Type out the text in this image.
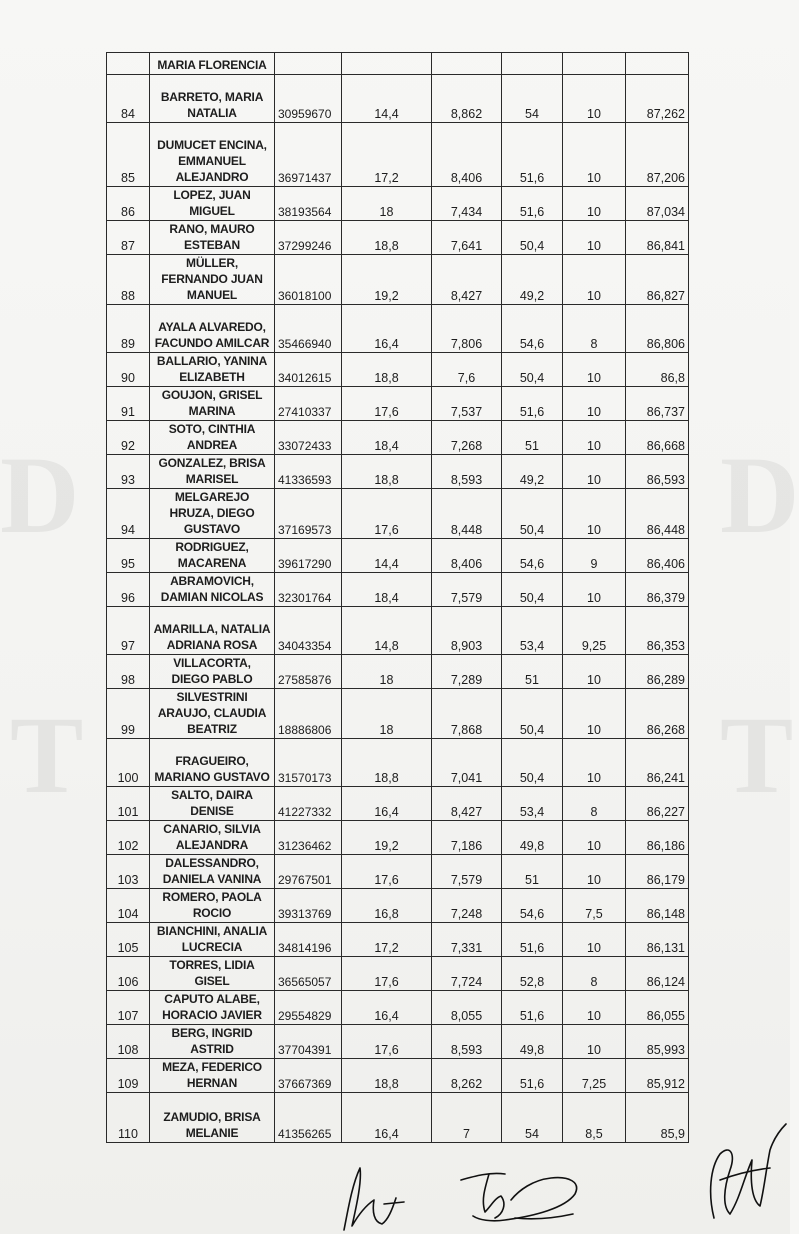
D	D
T	T
	MARIA FLORENCIA						
84	BARRETO, MARIA NATALIA	30959670	14,4	8,862	54	10	87,262
85	DUMUCET ENCINA, EMMANUEL ALEJANDRO	36971437	17,2	8,406	51,6	10	87,206
86	LOPEZ, JUAN MIGUEL	38193564	18	7,434	51,6	10	87,034
87	RANO, MAURO ESTEBAN	37299246	18,8	7,641	50,4	10	86,841
88	MÜLLER, FERNANDO JUAN MANUEL	36018100	19,2	8,427	49,2	10	86,827
89	AYALA ALVAREDO, FACUNDO AMILCAR	35466940	16,4	7,806	54,6	8	86,806
90	BALLARIO, YANINA ELIZABETH	34012615	18,8	7,6	50,4	10	86,8
91	GOUJON, GRISEL MARINA	27410337	17,6	7,537	51,6	10	86,737
92	SOTO, CINTHIA ANDREA	33072433	18,4	7,268	51	10	86,668
93	GONZALEZ, BRISA MARISEL	41336593	18,8	8,593	49,2	10	86,593
94	MELGAREJO HRUZA, DIEGO GUSTAVO	37169573	17,6	8,448	50,4	10	86,448
95	RODRIGUEZ, MACARENA	39617290	14,4	8,406	54,6	9	86,406
96	ABRAMOVICH, DAMIAN NICOLAS	32301764	18,4	7,579	50,4	10	86,379
97	AMARILLA, NATALIA ADRIANA ROSA	34043354	14,8	8,903	53,4	9,25	86,353
98	VILLACORTA, DIEGO PABLO	27585876	18	7,289	51	10	86,289
99	SILVESTRINI ARAUJO, CLAUDIA BEATRIZ	18886806	18	7,868	50,4	10	86,268
100	FRAGUEIRO, MARIANO GUSTAVO	31570173	18,8	7,041	50,4	10	86,241
101	SALTO, DAIRA DENISE	41227332	16,4	8,427	53,4	8	86,227
102	CANARIO, SILVIA ALEJANDRA	31236462	19,2	7,186	49,8	10	86,186
103	DALESSANDRO, DANIELA VANINA	29767501	17,6	7,579	51	10	86,179
104	ROMERO, PAOLA ROCIO	39313769	16,8	7,248	54,6	7,5	86,148
105	BIANCHINI, ANALIA LUCRECIA	34814196	17,2	7,331	51,6	10	86,131
106	TORRES, LIDIA GISEL	36565057	17,6	7,724	52,8	8	86,124
107	CAPUTO ALABE, HORACIO JAVIER	29554829	16,4	8,055	51,6	10	86,055
108	BERG, INGRID ASTRID	37704391	17,6	8,593	49,8	10	85,993
109	MEZA, FEDERICO HERNAN	37667369	18,8	8,262	51,6	7,25	85,912
110	ZAMUDIO, BRISA MELANIE	41356265	16,4	7	54	8,5	85,9
